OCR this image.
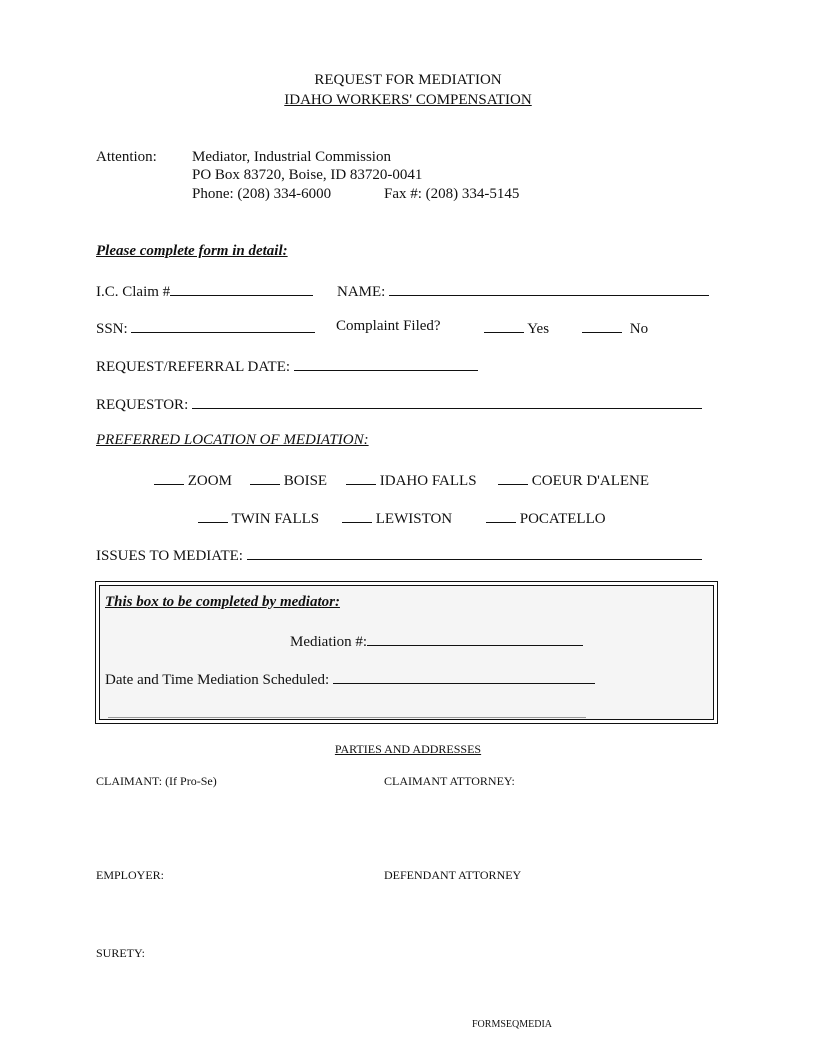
REQUEST FOR MEDIATION
IDAHO WORKERS' COMPENSATION
Attention: Mediator, Industrial Commission
PO Box 83720, Boise, ID 83720-0041
Phone: (208) 334-6000	Fax #: (208) 334-5145
Please complete form in detail:
I.C. Claim #	NAME:
SSN:	Complaint Filed?	Yes	No
REQUEST/REFERRAL DATE:
REQUESTOR:
PREFERRED LOCATION OF MEDIATION:
ZOOM	BOISE	IDAHO FALLS	COEUR D'ALENE
TWIN FALLS	LEWISTON	POCATELLO
ISSUES TO MEDIATE:
This box to be completed by mediator:
Mediation #:
Date and Time Mediation Scheduled:
PARTIES AND ADDRESSES
CLAIMANT: (If Pro-Se)	CLAIMANT ATTORNEY:
EMPLOYER:	DEFENDANT ATTORNEY
SURETY:
FORMSEQMEDIA
